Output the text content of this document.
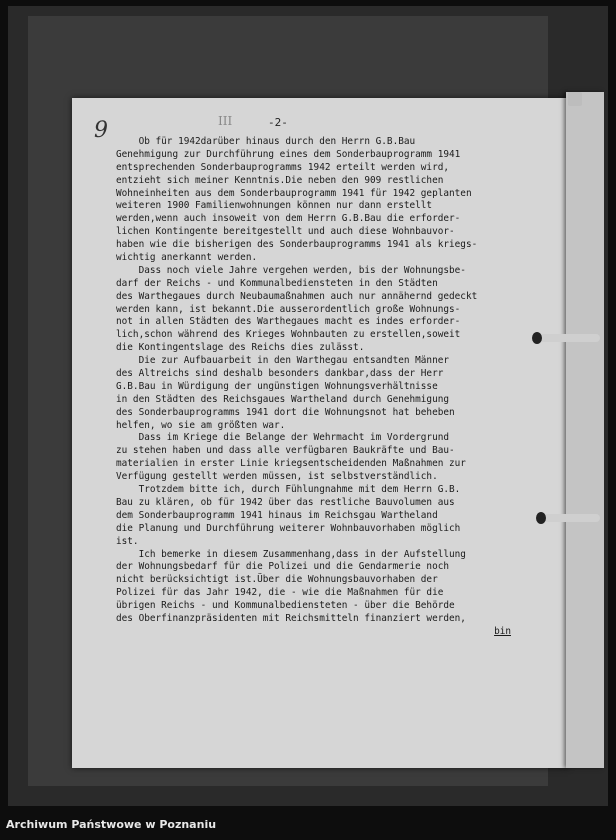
9	III	-2-
Ob für 1942darüber hinaus durch den Herrn G.B.Bau
Genehmigung zur Durchführung eines dem Sonderbauprogramm 1941
entsprechenden Sonderbauprogramms 1942 erteilt werden wird,
entzieht sich meiner Kenntnis.Die neben den 909 restlichen
Wohneinheiten aus dem Sonderbauprogramm 1941 für 1942 geplanten
weiteren 1900 Familienwohnungen können nur dann erstellt
werden,wenn auch insoweit von dem Herrn G.B.Bau die erforder-
lichen Kontingente bereitgestellt und auch diese Wohnbauvor-
haben wie die bisherigen des Sonderbauprogramms 1941 als kriegs-
wichtig anerkannt werden.
Dass noch viele Jahre vergehen werden, bis der Wohnungsbe-
darf der Reichs - und Kommunalbediensteten in den Städten
des Warthegaues durch Neubaumaßnahmen auch nur annähernd gedeckt
werden kann, ist bekannt.Die ausserordentlich große Wohnungs-
not in allen Städten des Warthegaues macht es indes erforder-
lich,schon während des Krieges Wohnbauten zu erstellen,soweit
die Kontingentslage des Reichs dies zulässt.
Die zur Aufbauarbeit in den Warthegau entsandten Männer
des Altreichs sind deshalb besonders dankbar,dass der Herr
G.B.Bau in Würdigung der ungünstigen Wohnungsverhältnisse
in den Städten des Reichsgaues Wartheland durch Genehmigung
des Sonderbauprogramms 1941 dort die Wohnungsnot hat beheben
helfen, wo sie am größten war.
Dass im Kriege die Belange der Wehrmacht im Vordergrund
zu stehen haben und dass alle verfügbaren Baukräfte und Bau-
materialien in erster Linie kriegsentscheidenden Maßnahmen zur
Verfügung gestellt werden müssen, ist selbstverständlich.
Trotzdem bitte ich, durch Fühlungnahme mit dem Herrn G.B.
Bau zu klären, ob für 1942 über das restliche Bauvolumen aus
dem Sonderbauprogramm 1941 hinaus im Reichsgau Wartheland
die Planung und Durchführung weiterer Wohnbauvorhaben möglich
ist.
Ich bemerke in diesem Zusammenhang,dass in der Aufstellung
der Wohnungsbedarf für die Polizei und die Gendarmerie noch
nicht berücksichtigt ist.Über die Wohnungsbauvorhaben der
Polizei für das Jahr 1942, die - wie die Maßnahmen für die
übrigen Reichs - und Kommunalbediensteten - über die Behörde
des Oberfinanzpräsidenten mit Reichsmitteln finanziert werden,
bin
Archiwum Państwowe w Poznaniu
